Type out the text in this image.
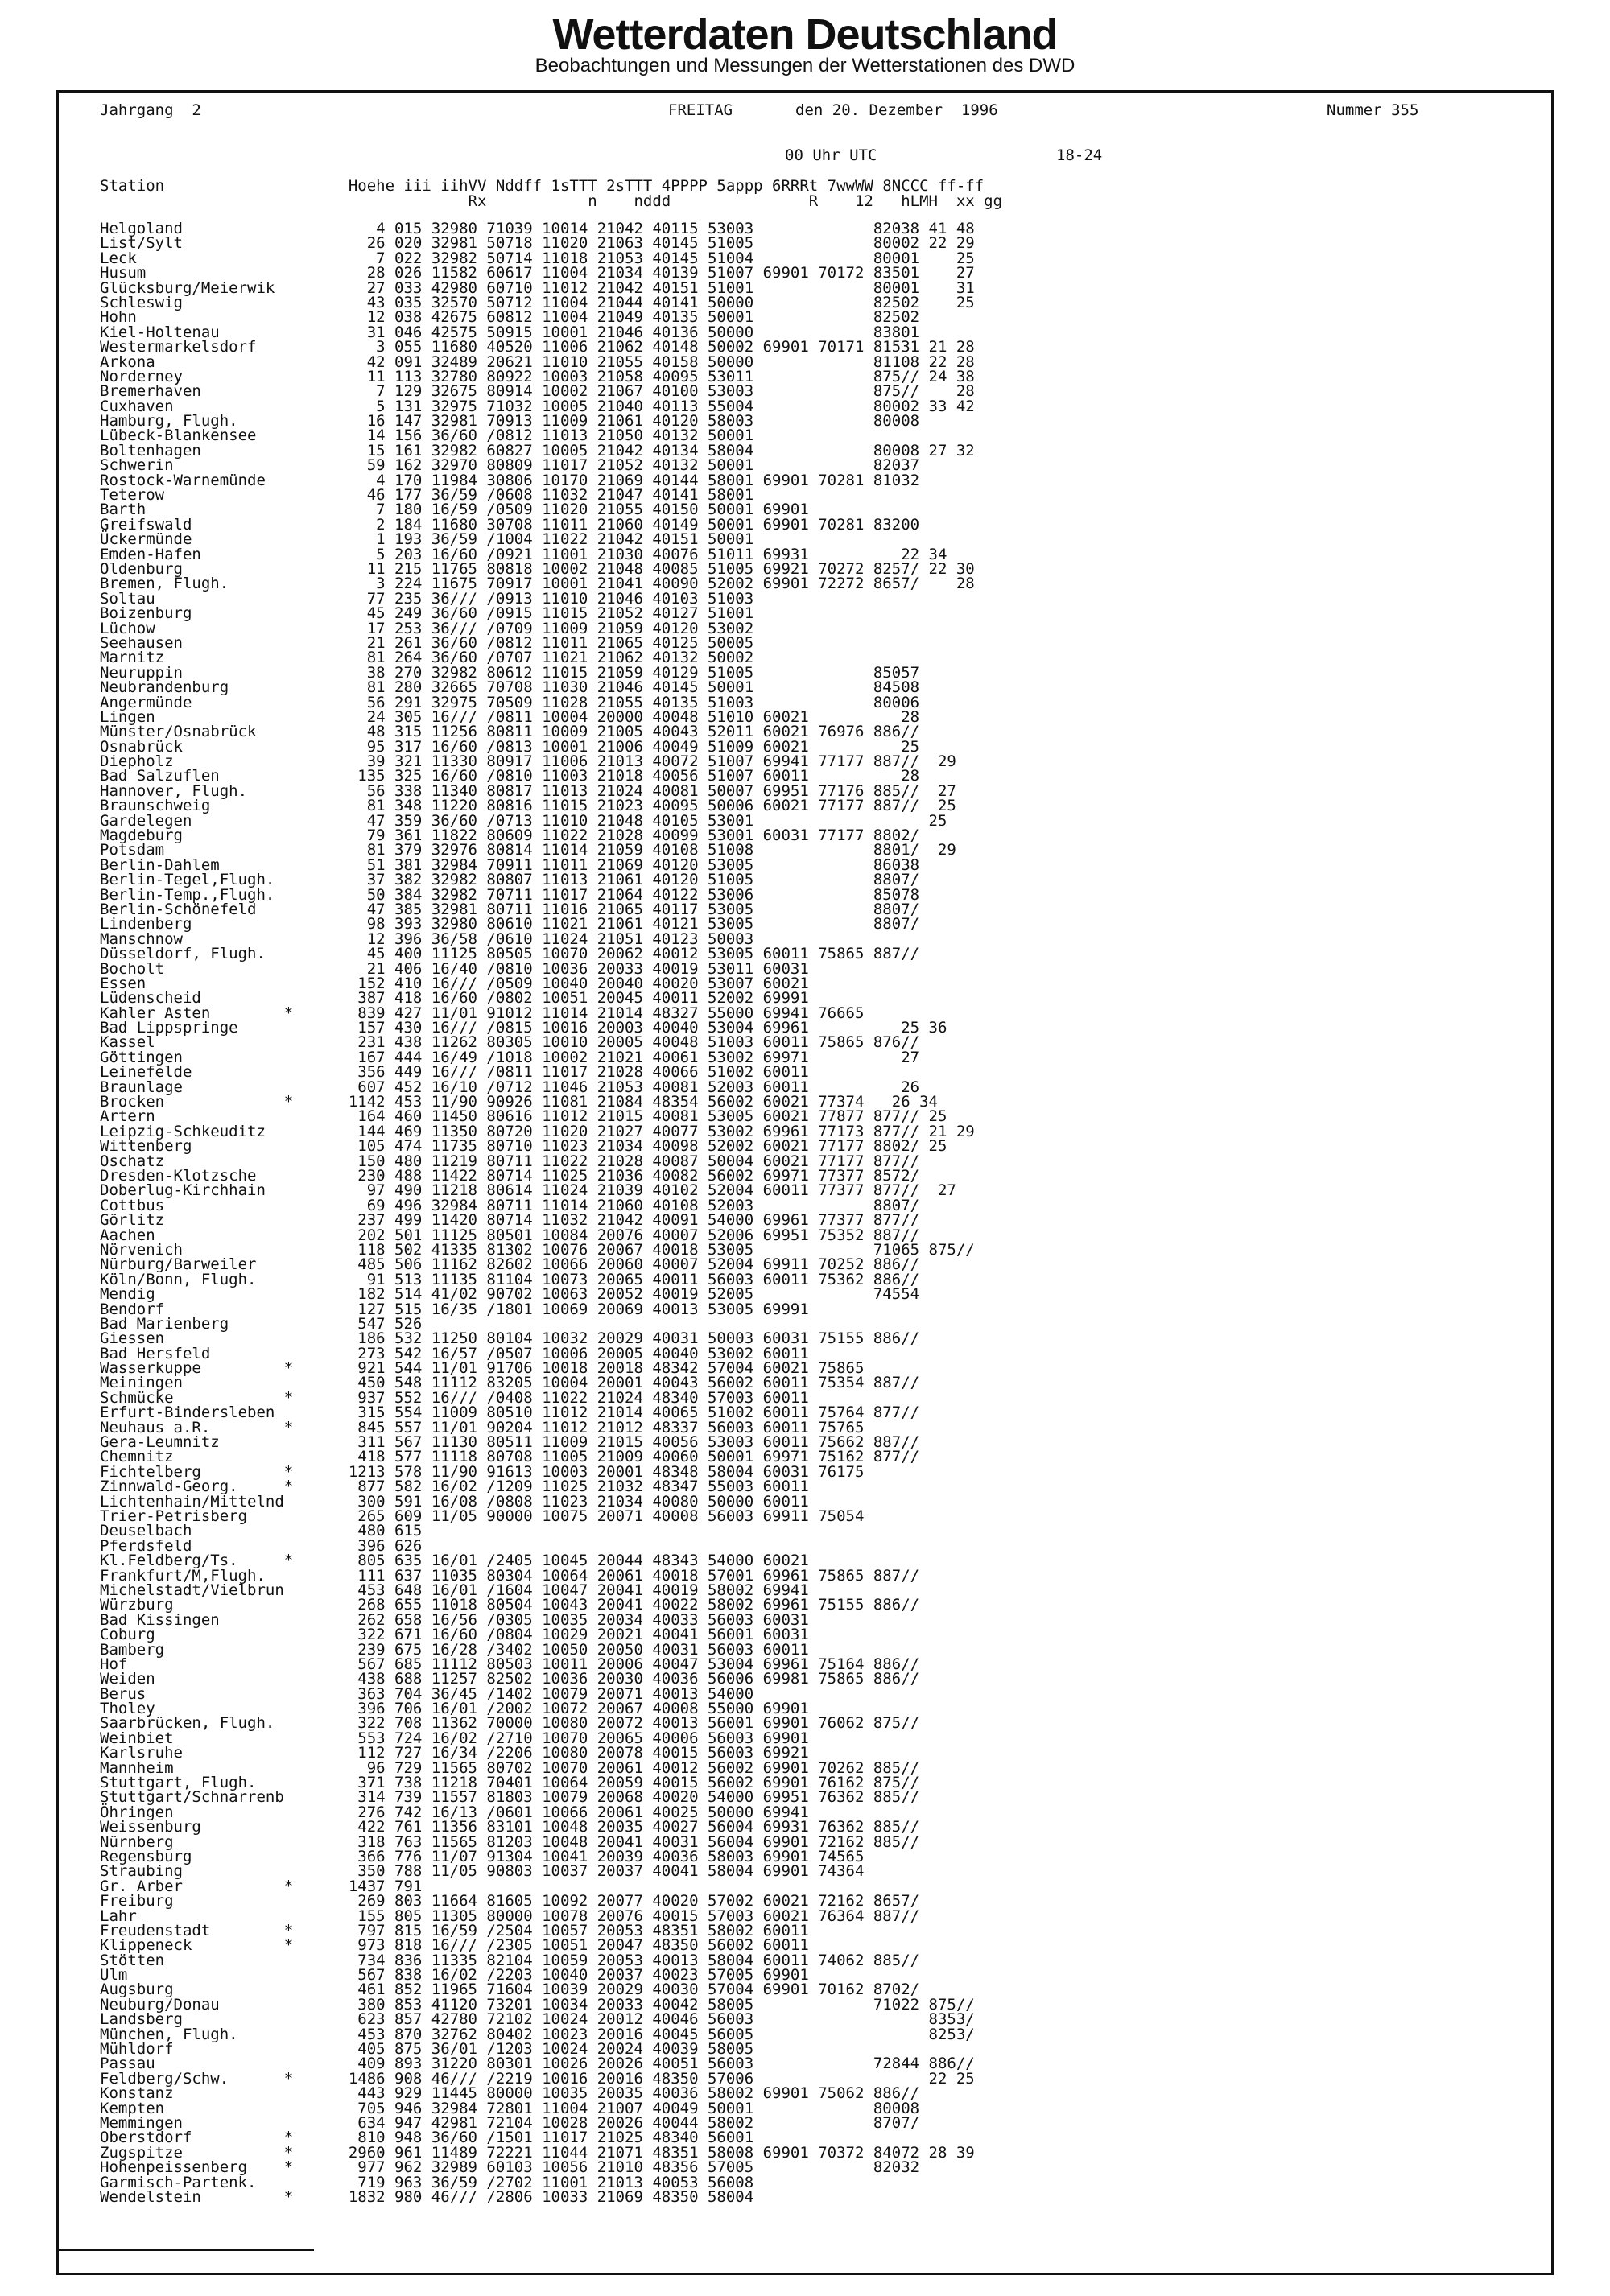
Wetterdaten Deutschland
Beobachtungen und Messungen der Wetterstationen des DWD
Jahrgang  2	FREITAG	den 20. Dezember  1996	Nummer 355
00 Uhr UTC	18-24
Station                    Hoehe iii iihVV Nddff 1sTTT 2sTTT 4PPPP 5appp 6RRRt 7wwWW 8NCCC ff-ff
Rx           n    nddd               R    12   hLMH  xx gg
Helgoland                     4 015 32980 71039 10014 21042 40115 53003             82038 41 48
List/Sylt                    26 020 32981 50718 11020 21063 40145 51005             80002 22 29
Leck                          7 022 32982 50714 11018 21053 40145 51004             80001    25
Husum                        28 026 11582 60617 11004 21034 40139 51007 69901 70172 83501    27
Glücksburg/Meierwik          27 033 42980 60710 11012 21042 40151 51001             80001    31
Schleswig                    43 035 32570 50712 11004 21044 40141 50000             82502    25
Hohn                         12 038 42675 60812 11004 21049 40135 50001             82502
Kiel-Holtenau                31 046 42575 50915 10001 21046 40136 50000             83801
Westermarkelsdorf             3 055 11680 40520 11006 21062 40148 50002 69901 70171 81531 21 28
Arkona                       42 091 32489 20621 11010 21055 40158 50000             81108 22 28
Norderney                    11 113 32780 80922 10003 21058 40095 53011             875// 24 38
Bremerhaven                   7 129 32675 80914 10002 21067 40100 53003             875//    28
Cuxhaven                      5 131 32975 71032 10005 21040 40113 55004             80002 33 42
Hamburg, Flugh.              16 147 32981 70913 11009 21061 40120 58003             80008
Lübeck-Blankensee            14 156 36/60 /0812 11013 21050 40132 50001
Boltenhagen                  15 161 32982 60827 10005 21042 40134 58004             80008 27 32
Schwerin                     59 162 32970 80809 11017 21052 40132 50001             82037
Rostock-Warnemünde            4 170 11984 30806 10170 21069 40144 58001 69901 70281 81032
Teterow                      46 177 36/59 /0608 11032 21047 40141 58001
Barth                         7 180 16/59 /0509 11020 21055 40150 50001 69901
Greifswald                    2 184 11680 30708 11011 21060 40149 50001 69901 70281 83200
Ückermünde                    1 193 36/59 /1004 11022 21042 40151 50001
Emden-Hafen                   5 203 16/60 /0921 11001 21030 40076 51011 69931          22 34
Oldenburg                    11 215 11765 80818 10002 21048 40085 51005 69921 70272 8257/ 22 30
Bremen, Flugh.                3 224 11675 70917 10001 21041 40090 52002 69901 72272 8657/    28
Soltau                       77 235 36/// /0913 11010 21046 40103 51003
Boizenburg                   45 249 36/60 /0915 11015 21052 40127 51001
Lüchow                       17 253 36/// /0709 11009 21059 40120 53002
Seehausen                    21 261 36/60 /0812 11011 21065 40125 50005
Marnitz                      81 264 36/60 /0707 11021 21062 40132 50002
Neuruppin                    38 270 32982 80612 11015 21059 40129 51005             85057
Neubrandenburg               81 280 32665 70708 11030 21046 40145 50001             84508
Angermünde                   56 291 32975 70509 11028 21055 40135 51003             80006
Lingen                       24 305 16/// /0811 10004 20000 40048 51010 60021          28
Münster/Osnabrück            48 315 11256 80811 10009 21005 40043 52011 60021 76976 886//
Osnabrück                    95 317 16/60 /0813 10001 21006 40049 51009 60021          25
Diepholz                     39 321 11330 80917 11006 21013 40072 51007 69941 77177 887//  29
Bad Salzuflen               135 325 16/60 /0810 11003 21018 40056 51007 60011          28
Hannover, Flugh.             56 338 11340 80817 11013 21024 40081 50007 69951 77176 885//  27
Braunschweig                 81 348 11220 80816 11015 21023 40095 50006 60021 77177 887//  25
Gardelegen                   47 359 36/60 /0713 11010 21048 40105 53001                   25
Magdeburg                    79 361 11822 80609 11022 21028 40099 53001 60031 77177 8802/
Potsdam                      81 379 32976 80814 11014 21059 40108 51008             8801/  29
Berlin-Dahlem                51 381 32984 70911 11011 21069 40120 53005             86038
Berlin-Tegel,Flugh.          37 382 32982 80807 11013 21061 40120 51005             8807/
Berlin-Temp.,Flugh.          50 384 32982 70711 11017 21064 40122 53006             85078
Berlin-Schönefeld            47 385 32981 80711 11016 21065 40117 53005             8807/
Lindenberg                   98 393 32980 80610 11021 21061 40121 53005             8807/
Manschnow                    12 396 36/58 /0610 11024 21051 40123 50003
Düsseldorf, Flugh.           45 400 11125 80505 10070 20062 40012 53005 60011 75865 887//
Bocholt                      21 406 16/40 /0810 10036 20033 40019 53011 60031
Essen                       152 410 16/// /0509 10040 20040 40020 53007 60021
Lüdenscheid                 387 418 16/60 /0802 10051 20045 40011 52002 69991
Kahler Asten        *       839 427 11/01 91012 11014 21014 48327 55000 69941 76665
Bad Lippspringe             157 430 16/// /0815 10016 20003 40040 53004 69961          25 36
Kassel                      231 438 11262 80305 10010 20005 40048 51003 60011 75865 876//
Göttingen                   167 444 16/49 /1018 10002 21021 40061 53002 69971          27
Leinefelde                  356 449 16/// /0811 11017 21028 40066 51002 60011
Braunlage                   607 452 16/10 /0712 11046 21053 40081 52003 60011          26
Brocken             *      1142 453 11/90 90926 11081 21084 48354 56002 60021 77374   26 34
Artern                      164 460 11450 80616 11012 21015 40081 53005 60021 77877 877// 25
Leipzig-Schkeuditz          144 469 11350 80720 11020 21027 40077 53002 69961 77173 877// 21 29
Wittenberg                  105 474 11735 80710 11023 21034 40098 52002 60021 77177 8802/ 25
Oschatz                     150 480 11219 80711 11022 21028 40087 50004 60021 77177 877//
Dresden-Klotzsche           230 488 11422 80714 11025 21036 40082 56002 69971 77377 8572/
Doberlug-Kirchhain           97 490 11218 80614 11024 21039 40102 52004 60011 77377 877//  27
Cottbus                      69 496 32984 80711 11014 21060 40108 52003             8807/
Görlitz                     237 499 11420 80714 11032 21042 40091 54000 69961 77377 877//
Aachen                      202 501 11125 80501 10084 20076 40007 52006 69951 75352 887//
Nörvenich                   118 502 41335 81302 10076 20067 40018 53005             71065 875//
Nürburg/Barweiler           485 506 11162 82602 10066 20060 40007 52004 69911 70252 886//
Köln/Bonn, Flugh.            91 513 11135 81104 10073 20065 40011 56003 60011 75362 886//
Mendig                      182 514 41/02 90702 10063 20052 40019 52005             74554
Bendorf                     127 515 16/35 /1801 10069 20069 40013 53005 69991
Bad Marienberg              547 526
Giessen                     186 532 11250 80104 10032 20029 40031 50003 60031 75155 886//
Bad Hersfeld                273 542 16/57 /0507 10006 20005 40040 53002 60011
Wasserkuppe         *       921 544 11/01 91706 10018 20018 48342 57004 60021 75865
Meiningen                   450 548 11112 83205 10004 20001 40043 56002 60011 75354 887//
Schmücke            *       937 552 16/// /0408 11022 21024 48340 57003 60011
Erfurt-Bindersleben         315 554 11009 80510 11012 21014 40065 51002 60011 75764 877//
Neuhaus a.R.        *       845 557 11/01 90204 11012 21012 48337 56003 60011 75765
Gera-Leumnitz               311 567 11130 80511 11009 21015 40056 53003 60011 75662 887//
Chemnitz                    418 577 11118 80708 11005 21009 40060 50001 69971 75162 877//
Fichtelberg         *      1213 578 11/90 91613 10003 20001 48348 58004 60031 76175
Zinnwald-Georg.     *       877 582 16/02 /1209 11025 21032 48347 55003 60011
Lichtenhain/Mittelnd        300 591 16/08 /0808 11023 21034 40080 50000 60011
Trier-Petrisberg            265 609 11/05 90000 10075 20071 40008 56003 69911 75054
Deuselbach                  480 615
Pferdsfeld                  396 626
Kl.Feldberg/Ts.     *       805 635 16/01 /2405 10045 20044 48343 54000 60021
Frankfurt/M,Flugh.          111 637 11035 80304 10064 20061 40018 57001 69961 75865 887//
Michelstadt/Vielbrun        453 648 16/01 /1604 10047 20041 40019 58002 69941
Würzburg                    268 655 11018 80504 10043 20041 40022 58002 69961 75155 886//
Bad Kissingen               262 658 16/56 /0305 10035 20034 40033 56003 60031
Coburg                      322 671 16/60 /0804 10029 20021 40041 56001 60031
Bamberg                     239 675 16/28 /3402 10050 20050 40031 56003 60011
Hof                         567 685 11112 80503 10011 20006 40047 53004 69961 75164 886//
Weiden                      438 688 11257 82502 10036 20030 40036 56006 69981 75865 886//
Berus                       363 704 36/45 /1402 10079 20071 40013 54000
Tholey                      396 706 16/01 /2002 10072 20067 40008 55000 69901
Saarbrücken, Flugh.         322 708 11362 70000 10080 20072 40013 56001 69901 76062 875//
Weinbiet                    553 724 16/02 /2710 10070 20065 40006 56003 69901
Karlsruhe                   112 727 16/34 /2206 10080 20078 40015 56003 69921
Mannheim                     96 729 11565 80702 10070 20061 40012 56002 69901 70262 885//
Stuttgart, Flugh.           371 738 11218 70401 10064 20059 40015 56002 69901 76162 875//
Stuttgart/Schnarrenb        314 739 11557 81803 10079 20068 40020 54000 69951 76362 885//
Öhringen                    276 742 16/13 /0601 10066 20061 40025 50000 69941
Weissenburg                 422 761 11356 83101 10048 20035 40027 56004 69931 76362 885//
Nürnberg                    318 763 11565 81203 10048 20041 40031 56004 69901 72162 885//
Regensburg                  366 776 11/07 91304 10041 20039 40036 58003 69901 74565
Straubing                   350 788 11/05 90803 10037 20037 40041 58004 69901 74364
Gr. Arber           *      1437 791
Freiburg                    269 803 11664 81605 10092 20077 40020 57002 60021 72162 8657/
Lahr                        155 805 11305 80000 10078 20076 40015 57003 60021 76364 887//
Freudenstadt        *       797 815 16/59 /2504 10057 20053 48351 58002 60011
Klippeneck          *       973 818 16/// /2305 10051 20047 48350 56002 60011
Stötten                     734 836 11335 82104 10059 20053 40013 58004 60011 74062 885//
Ulm                         567 838 16/02 /2203 10040 20037 40023 57005 69901
Augsburg                    461 852 11965 71604 10039 20029 40030 57004 69901 70162 8702/
Neuburg/Donau               380 853 41120 73201 10034 20033 40042 58005             71022 875//
Landsberg                   623 857 42780 72102 10024 20012 40046 56003                   8353/
München, Flugh.             453 870 32762 80402 10023 20016 40045 56005                   8253/
Mühldorf                    405 875 36/01 /1203 10024 20024 40039 58005
Passau                      409 893 31220 80301 10026 20026 40051 56003             72844 886//
Feldberg/Schw.      *      1486 908 46/// /2219 10016 20016 48350 57006                   22 25
Konstanz                    443 929 11445 80000 10035 20035 40036 58002 69901 75062 886//
Kempten                     705 946 32984 72801 11004 21007 40049 50001             80008
Memmingen                   634 947 42981 72104 10028 20026 40044 58002             8707/
Oberstdorf          *       810 948 36/60 /1501 11017 21025 48340 56001
Zugspitze           *      2960 961 11489 72221 11044 21071 48351 58008 69901 70372 84072 28 39
Hohenpeissenberg    *       977 962 32989 60103 10056 21010 48356 57005             82032
Garmisch-Partenk.           719 963 36/59 /2702 11001 21013 40053 56008
Wendelstein         *      1832 980 46/// /2806 10033 21069 48350 58004
